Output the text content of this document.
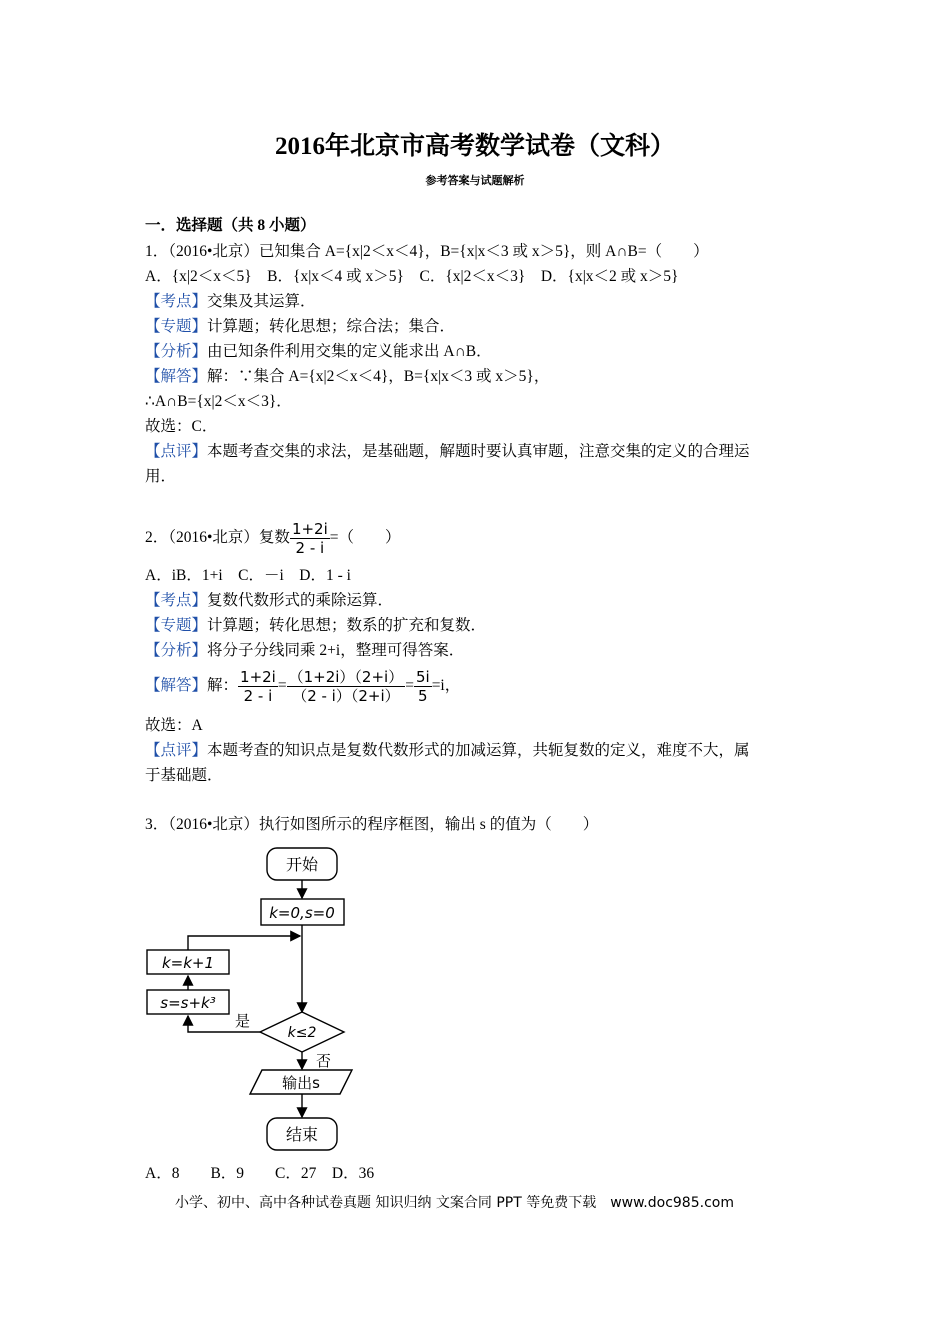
2016年北京市高考数学试卷（文科）
参考答案与试题解析
一．选择题（共 8 小题）
1．（2016•北京）已知集合 A={x|2＜x＜4}，B={x|x＜3 或 x＞5}，则 A∩B=（　　）
A．{x|2＜x＜5}　B．{x|x＜4 或 x＞5}　C．{x|2＜x＜3}　D．{x|x＜2 或 x＞5}
【考点】交集及其运算．
【专题】计算题；转化思想；综合法；集合．
【分析】由已知条件利用交集的定义能求出 A∩B．
【解答】解：∵集合 A={x|2＜x＜4}，B={x|x＜3 或 x＞5}，
∴A∩B={x|2＜x＜3}．
故选：C．
【点评】本题考查交集的求法，是基础题，解题时要认真审题，注意交集的定义的合理运
用．
2．（2016•北京）复数 $\frac{1+2i}{2 - i}$ =（　　）
A．iB．1+i　C．－i　D．1 - i
【考点】复数代数形式的乘除运算．
【专题】计算题；转化思想；数系的扩充和复数．
【分析】将分子分线同乘 2+i，整理可得答案．
【解答】解： $\frac{1+2i}{2 - i} = \frac{(1+2i)(2+i)}{(2 - i)(2+i)} = \frac{5i}{5} =i$，
故选：A
【点评】本题考查的知识点是复数代数形式的加减运算，共轭复数的定义，难度不大，属
于基础题．
3．（2016•北京）执行如图所示的程序框图，输出 s 的值为（　　）
开始
k=0,s=0
k=k+1
s=s+k³
是
k≤2
否
输出s
结束
A．8　　B．9　　C．27　D．36
小学、初中、高中各种试卷真题 知识归纳 文案合同 PPT 等免费下载　www.doc985.com
